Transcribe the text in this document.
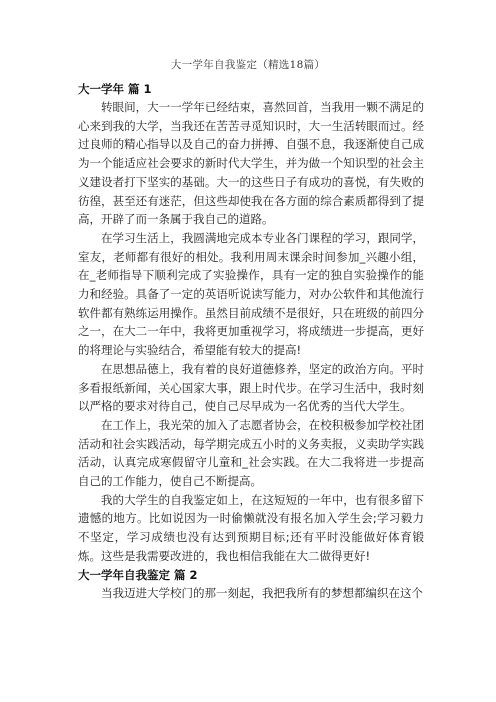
大一学年自我鉴定（精选18篇）
大一学年 篇 1

转眼间，大一一学年已经结束，喜然回首，当我用一颗不满足的心来到我的大学，当我还在苦苦寻觅知识时，大一生活转眼而过。经过良师的精心指导以及自己的奋力拼搏、自强不息，我逐渐使自己成为一个能适应社会要求的新时代大学生，并为做一个知识型的社会主义建设者打下坚实的基础。大一的这些日子有成功的喜悦，有失败的彷徨，甚至还有迷茫，但这些却使我在各方面的综合素质都得到了提高，开辟了而一条属于我自己的道路。

在学习生活上，我圆满地完成本专业各门课程的学习，跟同学，室友，老师都有很好的相处。我利用周末课余时间参加_兴趣小组，在_老师指导下顺利完成了实验操作，具有一定的独自实验操作的能力和经验。具备了一定的英语听说读写能力，对办公软件和其他流行软件都有熟练运用操作。虽然目前成绩不是很好，只在班级的前四分之一，在大二一年中，我将更加重视学习，将成绩进一步提高，更好的将理论与实验结合，希望能有较大的提高!

在思想品德上，我有着的良好道德修养，坚定的政治方向。平时多看报纸新闻，关心国家大事，跟上时代步。在学习生活中，我时刻以严格的要求对待自己，使自己尽早成为一名优秀的当代大学生。

在工作上，我光荣的加入了志愿者协会，在校积极参加学校社团活动和社会实践活动，每学期完成五小时的义务卖报，义卖助学实践活动，认真完成寒假留守儿童和_社会实践。在大二我将进一步提高自己的工作能力，使自己不断提高。

我的大学生的自我鉴定如上，在这短短的一年中，也有很多留下遗憾的地方。比如说因为一时偷懒就没有报名加入学生会;学习毅力不坚定，学习成绩也没有达到预期目标;还有平时没能做好体育锻炼。这些是我需要改进的，我也相信我能在大二做得更好!

大一学年自我鉴定 篇 2

当我迈进大学校门的那一刻起，我把我所有的梦想都编织在这个
